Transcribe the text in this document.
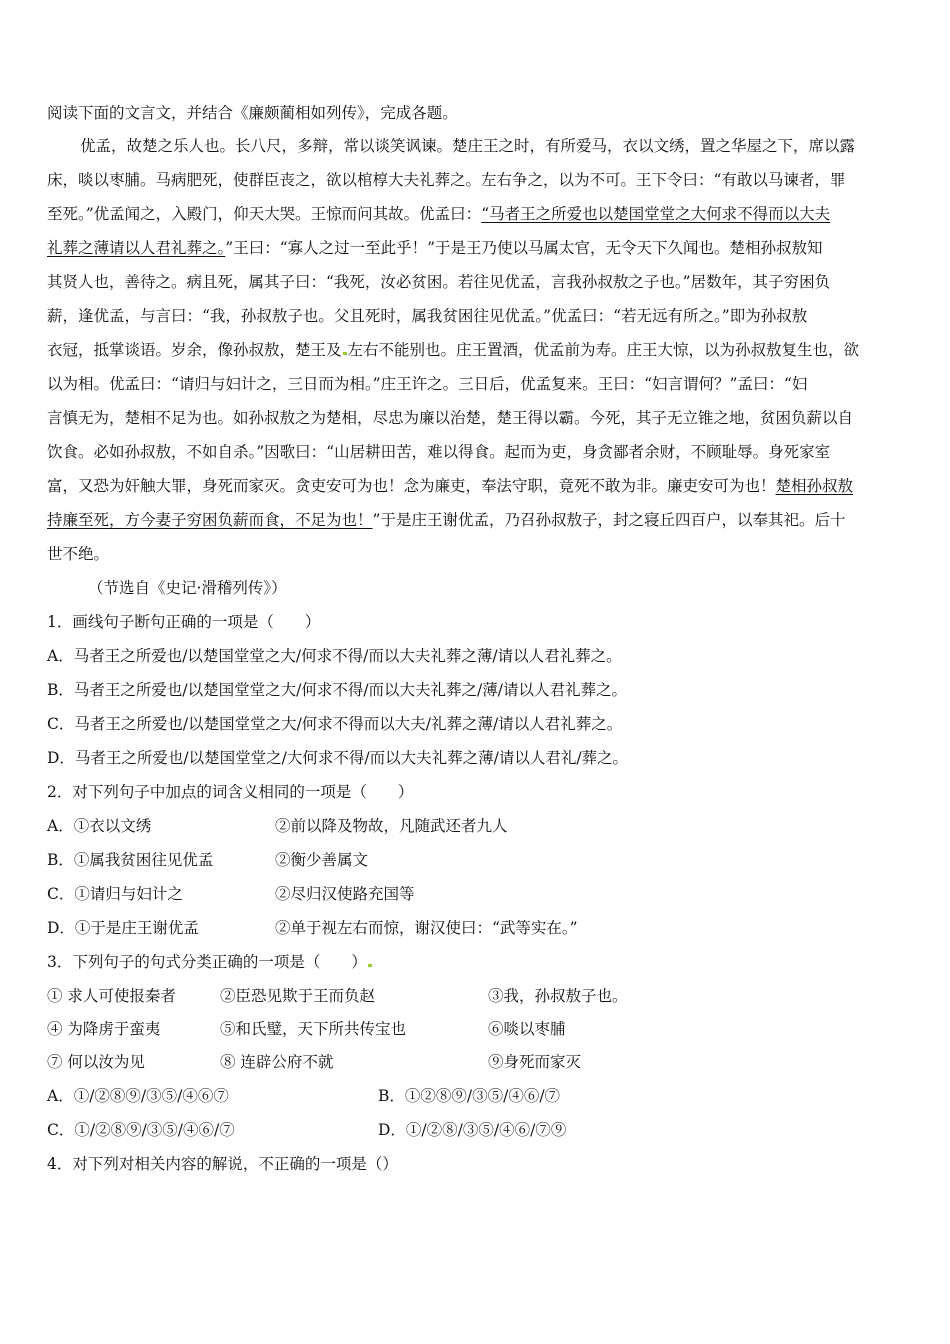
阅读下面的文言文，并结合《廉颇蔺相如列传》，完成各题。
优孟，故楚之乐人也。长八尺，多辩，常以谈笑讽谏。楚庄王之时，有所爱马，衣以文绣，置之华屋之下，席以露
床，啖以枣脯。马病肥死，使群臣丧之，欲以棺椁大夫礼葬之。左右争之，以为不可。王下令曰：“有敢以马谏者，罪
至死。”优孟闻之，入殿门，仰天大哭。王惊而问其故。优孟曰：“马者王之所爱也以楚国堂堂之大何求不得而以大夫
礼葬之薄请以人君礼葬之。”王曰：“寡人之过一至此乎！”于是王乃使以马属太官，无令天下久闻也。楚相孙叔敖知
其贤人也，善待之。病且死，属其子曰：“我死，汝必贫困。若往见优孟，言我孙叔敖之子也。”居数年，其子穷困负
薪，逢优孟，与言曰：“我，孙叔敖子也。父且死时，属我贫困往见优孟。”优孟曰：“若无远有所之。”即为孙叔敖
衣冠，抵掌谈语。岁余，像孙叔敖，楚王及 左右不能别也。庄王置酒，优孟前为寿。庄王大惊，以为孙叔敖复生也，欲
以为相。优孟曰：“请归与妇计之，三日而为相。”庄王许之。三日后，优孟复来。王曰：“妇言谓何？”孟曰：“妇
言慎无为，楚相不足为也。如孙叔敖之为楚相，尽忠为廉以治楚，楚王得以霸。今死，其子无立锥之地，贫困负薪以自
饮食。必如孙叔敖，不如自杀。”因歌曰：“山居耕田苦，难以得食。起而为吏，身贪鄙者余财，不顾耻辱。身死家室
富，又恐为奸触大罪，身死而家灭。贪吏安可为也！念为廉吏，奉法守职，竟死不敢为非。廉吏安可为也！楚相孙叔敖
持廉至死，方今妻子穷困负薪而食，不足为也！”于是庄王谢优孟，乃召孙叔敖子，封之寝丘四百户，以奉其祀。后十
世不绝。
（节选自《史记·滑稽列传》）
1．画线句子断句正确的一项是（　　）
A．马者王之所爱也/以楚国堂堂之大/何求不得/而以大夫礼葬之薄/请以人君礼葬之。
B．马者王之所爱也/以楚国堂堂之大/何求不得/而以大夫礼葬之/薄/请以人君礼葬之。
C．马者王之所爱也/以楚国堂堂之大/何求不得而以大夫/礼葬之薄/请以人君礼葬之。
D．马者王之所爱也/以楚国堂堂之/大何求不得/而以大夫礼葬之薄/请以人君礼/葬之。
2．对下列句子中加点的词含义相同的一项是（　　）
A．①衣以文绣	②前以降及物故，凡随武还者九人
B．①属我贫困往见优孟	②衡少善属文
C．①请归与妇计之	②尽归汉使路充国等
D．①于是庄王谢优孟	②单于视左右而惊，谢汉使曰：“武等实在。”
3．下列句子的句式分类正确的一项是（　　）
① 求人可使报秦者	②臣恐见欺于王而负赵	③我，孙叔敖子也。
④ 为降虏于蛮夷	⑤和氏璧，天下所共传宝也	⑥啖以枣脯
⑦ 何以汝为见	⑧ 连辟公府不就	⑨身死而家灭
A．①/②⑧⑨/③⑤/④⑥⑦	B．①②⑧⑨/③⑤/④⑥/⑦
C．①/②⑧⑨/③⑤/④⑥/⑦	D．①/②⑧/③⑤/④⑥/⑦⑨
4．对下列对相关内容的解说，不正确的一项是（）
